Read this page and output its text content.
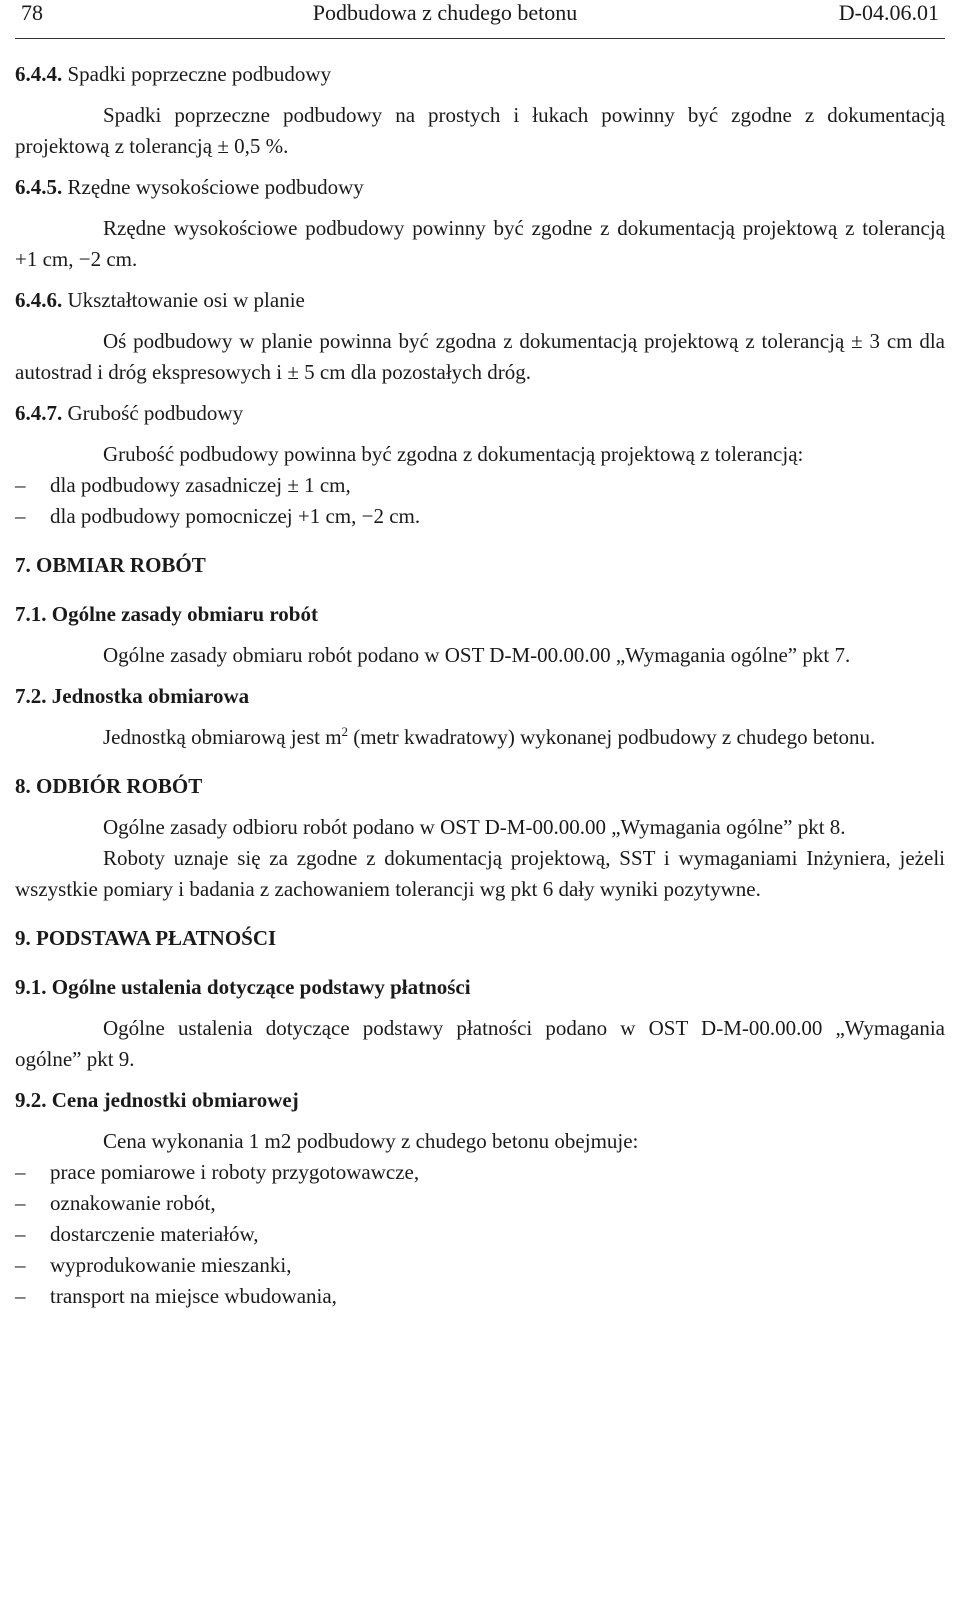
78	Podbudowa z chudego betonu	D-04.06.01

6.4.4. Spadki poprzeczne podbudowy

Spadki poprzeczne podbudowy na prostych i łukach powinny być zgodne z dokumentacją projektową z tolerancją ± 0,5 %.

6.4.5. Rzędne wysokościowe podbudowy

Rzędne wysokościowe podbudowy powinny być zgodne z dokumentacją projektową z tolerancją +1 cm, −2 cm.

6.4.6. Ukształtowanie osi w planie

Oś podbudowy w planie powinna być zgodna z dokumentacją projektową z tolerancją ± 3 cm dla autostrad i dróg ekspresowych i ± 5 cm dla pozostałych dróg.

6.4.7. Grubość podbudowy

Grubość podbudowy powinna być zgodna z dokumentacją projektową z tolerancją:

–	dla podbudowy zasadniczej ± 1 cm,
–	dla podbudowy pomocniczej +1 cm, −2 cm.

7. OBMIAR ROBÓT

7.1. Ogólne zasady obmiaru robót

Ogólne zasady obmiaru robót podano w OST D-M-00.00.00 „Wymagania ogólne” pkt 7.

7.2. Jednostka obmiarowa

Jednostką obmiarową jest $m^2$ (metr kwadratowy) wykonanej podbudowy z chudego betonu.

8. ODBIÓR ROBÓT

Ogólne zasady odbioru robót podano w OST D-M-00.00.00 „Wymagania ogólne” pkt 8.

Roboty uznaje się za zgodne z dokumentacją projektową, SST i wymaganiami Inżyniera, jeżeli wszystkie pomiary i badania z zachowaniem tolerancji wg pkt 6 dały wyniki pozytywne.

9. PODSTAWA PŁATNOŚCI

9.1. Ogólne ustalenia dotyczące podstawy płatności

Ogólne ustalenia dotyczące podstawy płatności podano w OST D-M-00.00.00 „Wymagania ogólne” pkt 9.

9.2. Cena jednostki obmiarowej

Cena wykonania 1 m2 podbudowy z chudego betonu obejmuje:

–	prace pomiarowe i roboty przygotowawcze,
–	oznakowanie robót,
–	dostarczenie materiałów,
–	wyprodukowanie mieszanki,
–	transport na miejsce wbudowania,
